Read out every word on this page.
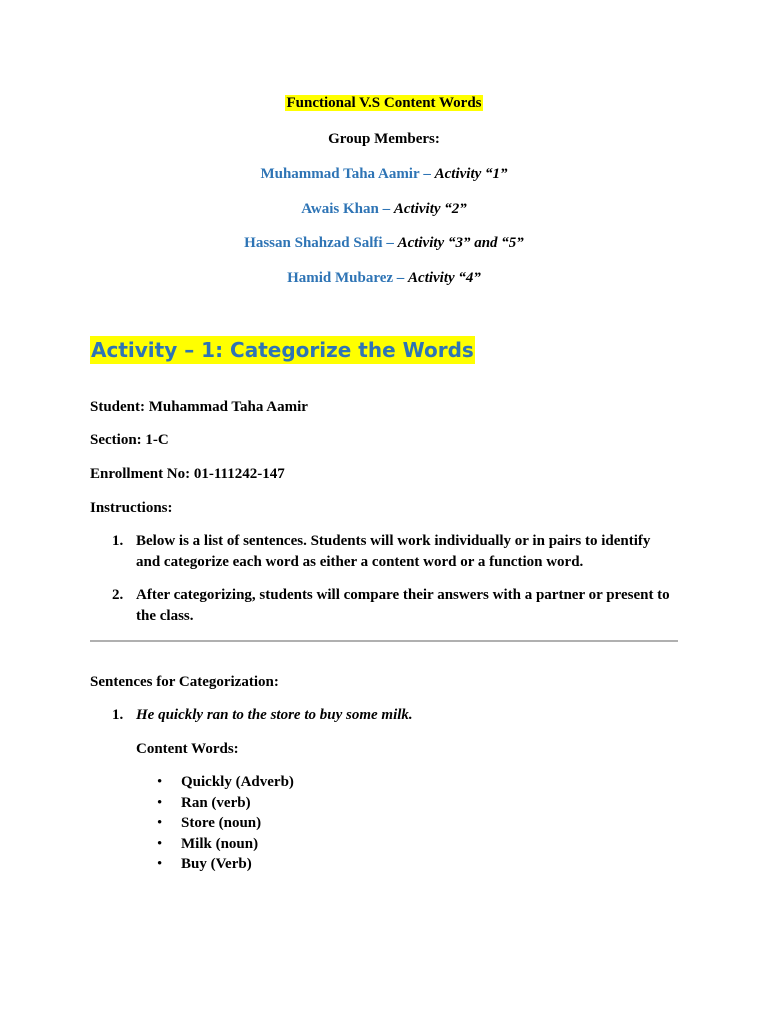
Functional V.S Content Words
Group Members:
Muhammad Taha Aamir – Activity “1”
Awais Khan – Activity “2”
Hassan Shahzad Salfi – Activity “3” and “5”
Hamid Mubarez – Activity “4”
Activity – 1: Categorize the Words
Student: Muhammad Taha Aamir
Section: 1-C
Enrollment No: 01-111242-147
Instructions:
1. Below is a list of sentences. Students will work individually or in pairs to identify
and categorize each word as either a content word or a function word.
2. After categorizing, students will compare their answers with a partner or present to
the class.
Sentences for Categorization:
1. He quickly ran to the store to buy some milk.
Content Words:
• Quickly (Adverb)
• Ran (verb)
• Store (noun)
• Milk (noun)
• Buy (Verb)
